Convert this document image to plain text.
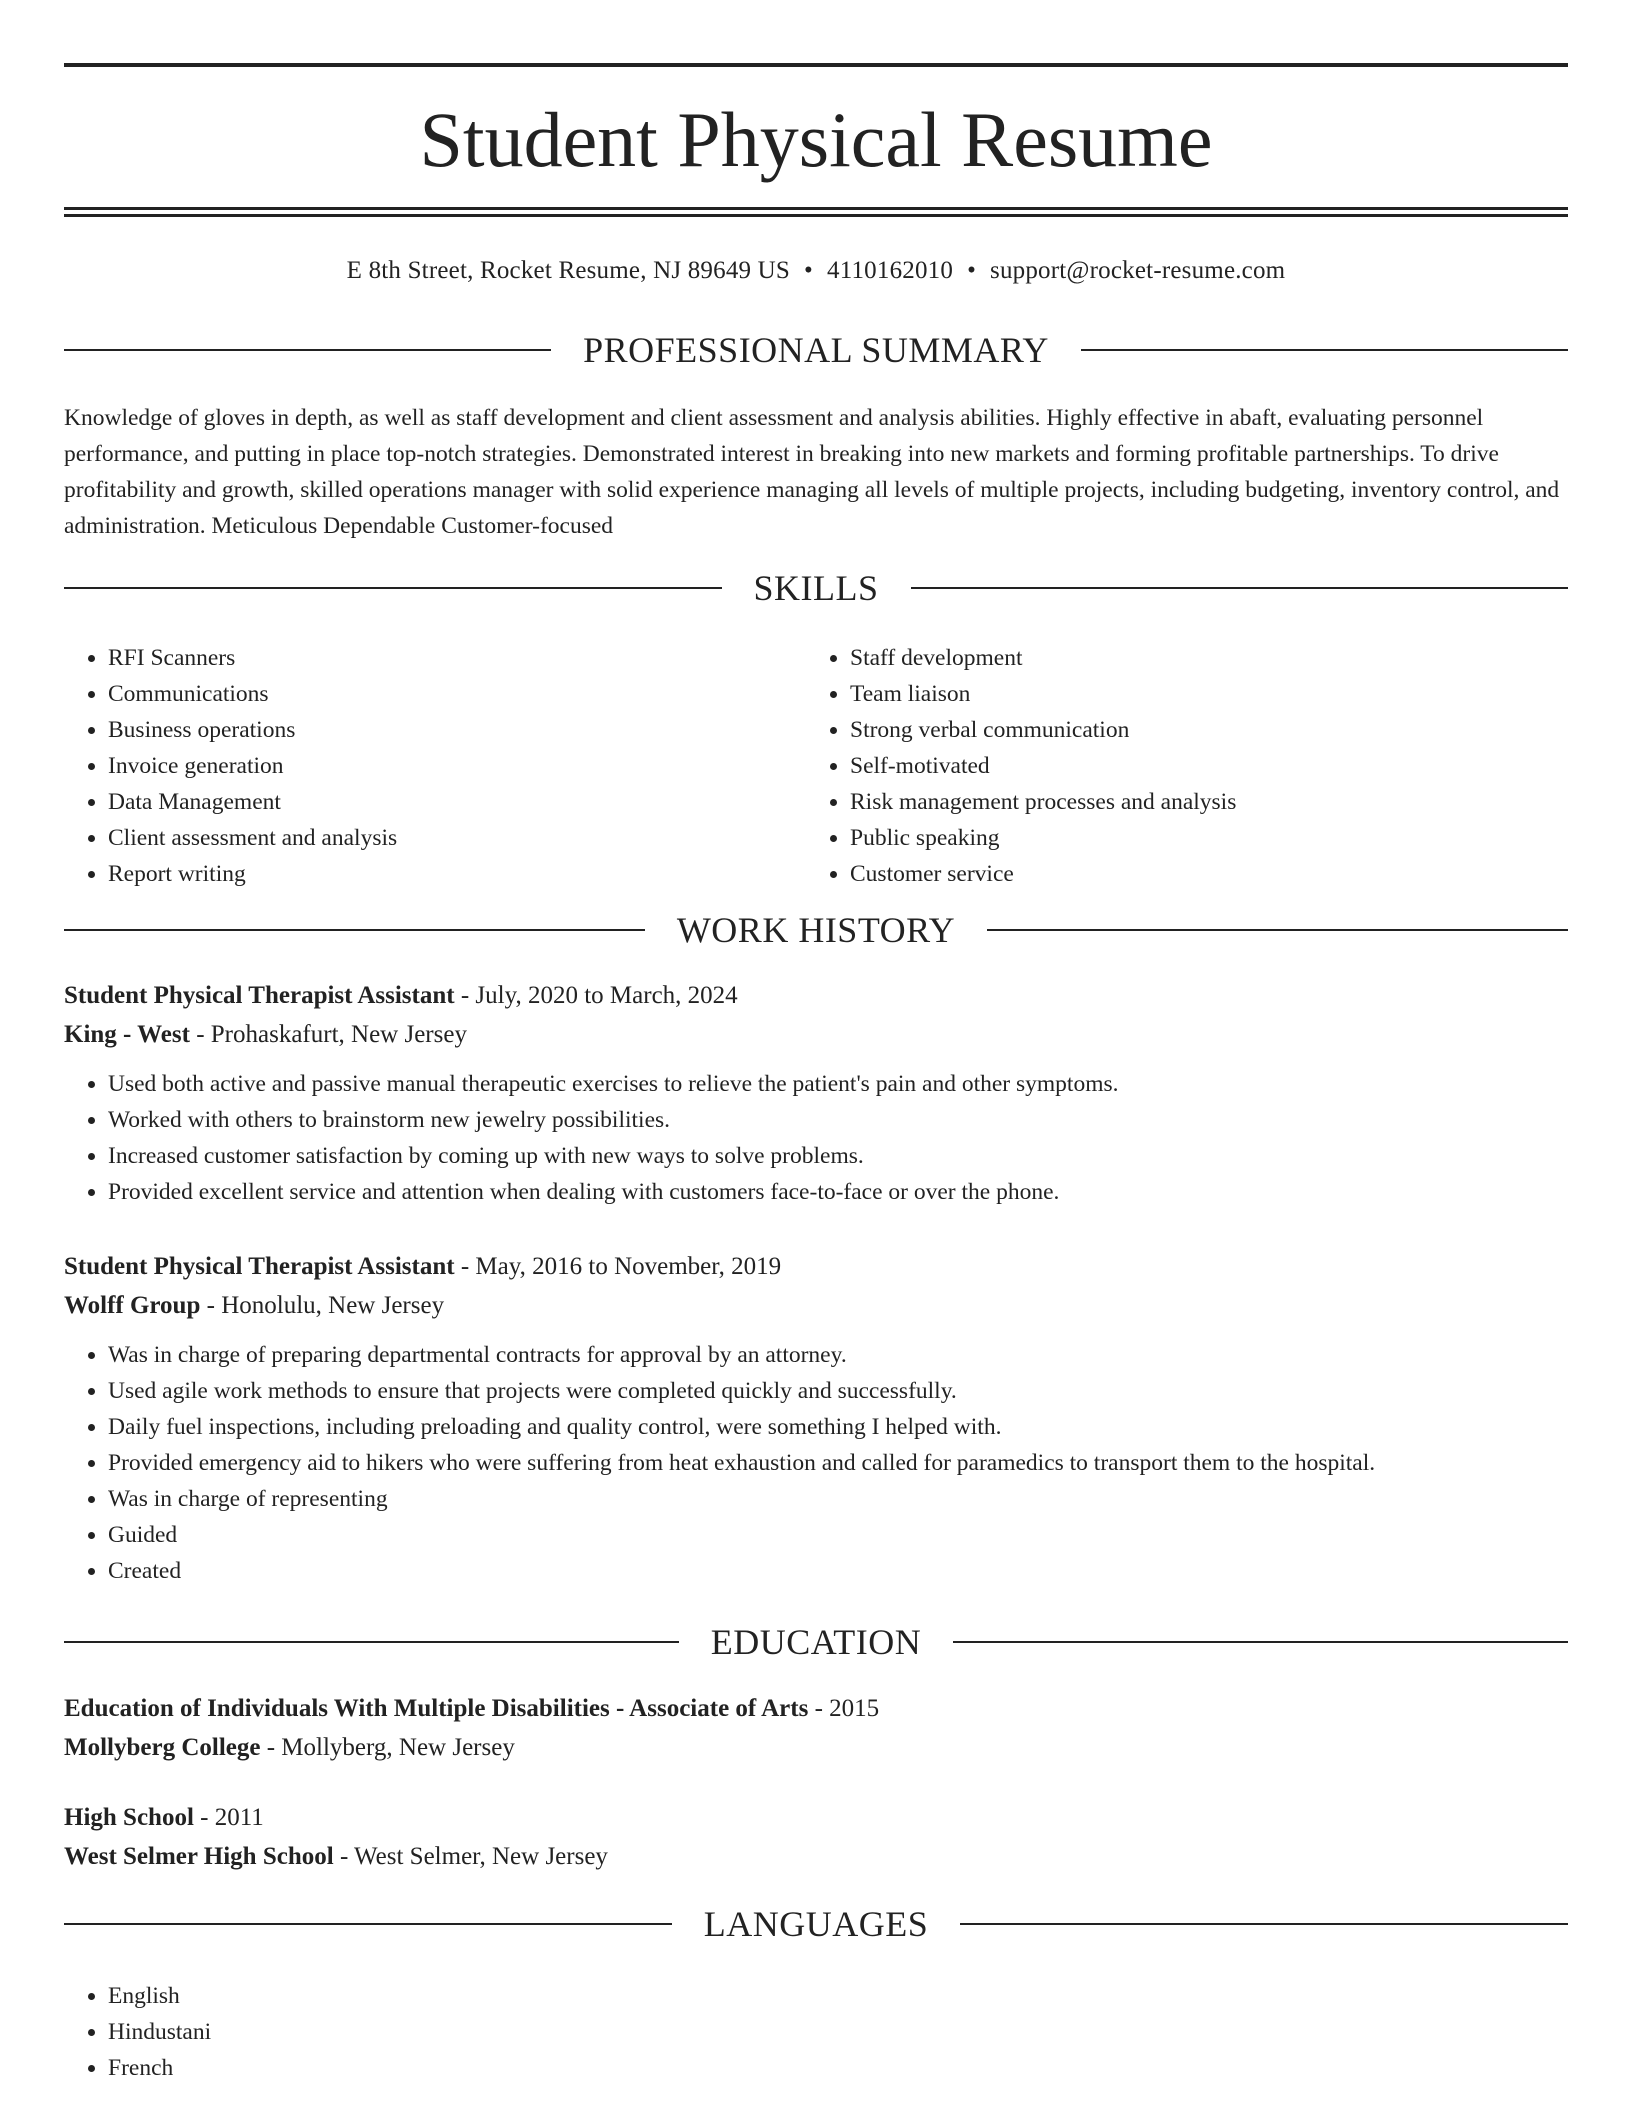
Student Physical Resume
E 8th Street, Rocket Resume, NJ 89649 US • 4110162010 • support@rocket-resume.com
PROFESSIONAL SUMMARY

Knowledge of gloves in depth, as well as staff development and client assessment and analysis abilities. Highly effective in abaft, evaluating personnel performance, and putting in place top-notch strategies. Demonstrated interest in breaking into new markets and forming profitable partnerships. To drive profitability and growth, skilled operations manager with solid experience managing all levels of multiple projects, including budgeting, inventory control, and administration. Meticulous Dependable Customer-focused

SKILLS
• RFI Scanners
• Communications
• Business operations
• Invoice generation
• Data Management
• Client assessment and analysis
• Report writing
• Staff development
• Team liaison
• Strong verbal communication
• Self-motivated
• Risk management processes and analysis
• Public speaking
• Customer service
WORK HISTORY
Student Physical Therapist Assistant - July, 2020 to March, 2024
King - West - Prohaskafurt, New Jersey
• Used both active and passive manual therapeutic exercises to relieve the patient's pain and other symptoms.
• Worked with others to brainstorm new jewelry possibilities.
• Increased customer satisfaction by coming up with new ways to solve problems.
• Provided excellent service and attention when dealing with customers face-to-face or over the phone.
Student Physical Therapist Assistant - May, 2016 to November, 2019
Wolff Group - Honolulu, New Jersey
• Was in charge of preparing departmental contracts for approval by an attorney.
• Used agile work methods to ensure that projects were completed quickly and successfully.
• Daily fuel inspections, including preloading and quality control, were something I helped with.
• Provided emergency aid to hikers who were suffering from heat exhaustion and called for paramedics to transport them to the hospital.
• Was in charge of representing
• Guided
• Created
EDUCATION
Education of Individuals With Multiple Disabilities - Associate of Arts - 2015
Mollyberg College - Mollyberg, New Jersey
High School - 2011
West Selmer High School - West Selmer, New Jersey
LANGUAGES
• English
• Hindustani
• French
